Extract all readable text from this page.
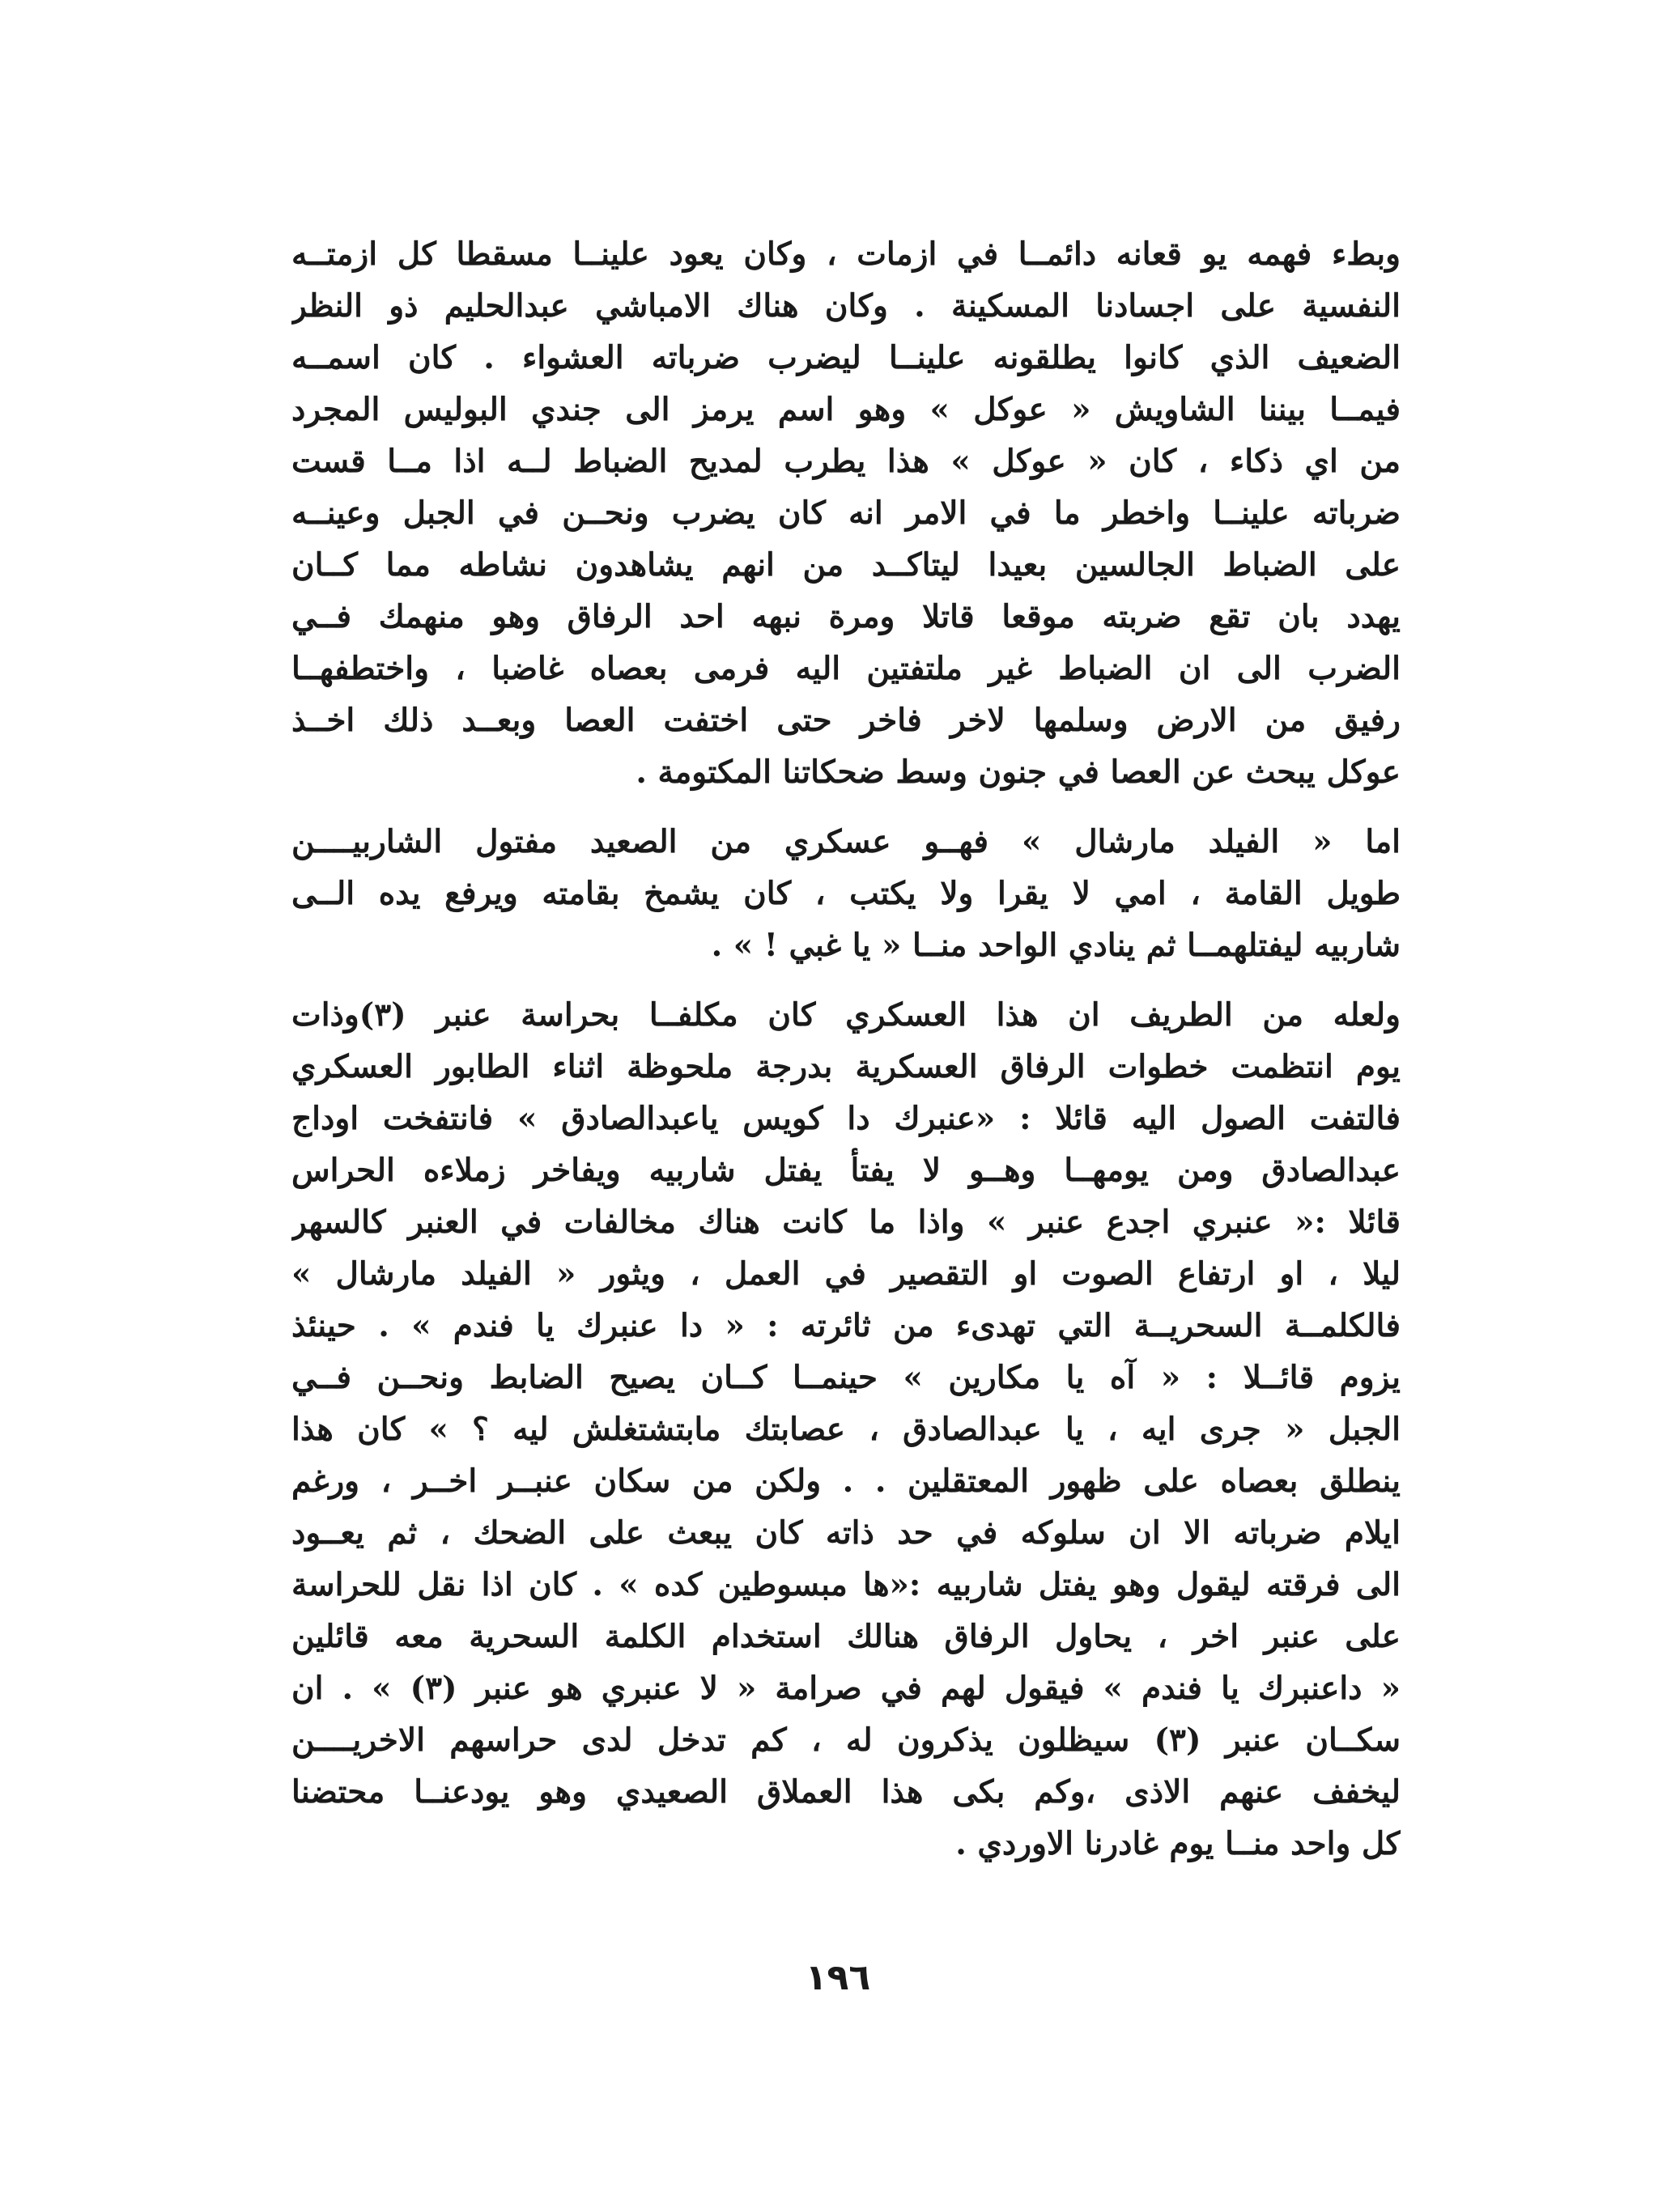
وبطء فهمه يو قعانه دائمــا في ازمات ، وكان يعود علينــا مسقطا كل ازمتــه
النفسية على اجسادنا المسكينة . وكان هناك الامباشي عبدالحليم ذو النظر
الضعيف الذي كانوا يطلقونه علينــا ليضرب ضرباته العشواء . كان اسمــه
فيمــا بيننا الشاويش « عوكل » وهو اسم يرمز الى جندي البوليس المجرد
من اي ذكاء ، كان « عوكل » هذا يطرب لمديح الضباط لــه اذا مــا قست
ضرباته علينــا واخطر ما في الامر انه كان يضرب ونحــن في الجبل وعينــه
على الضباط الجالسين بعيدا ليتاكــد من انهم يشاهدون نشاطه مما كــان
يهدد بان تقع ضربته موقعا قاتلا ومرة نبهه احد الرفاق وهو منهمك فــي
الضرب الى ان الضباط غير ملتفتين اليه فرمى بعصاه غاضبا ، واختطفهــا
رفيق من الارض وسلمها لاخر فاخر حتى اختفت العصا وبعــد ذلك اخــذ
عوكل يبحث عن العصا في جنون وسط ضحكاتنا المكتومة .
اما « الفيلد مارشال » فهــو عسكري من الصعيد مفتول الشاربيــــن
طويل القامة ، امي لا يقرا ولا يكتب ، كان يشمخ بقامته ويرفع يده الــى
شاربيه ليفتلهمــا ثم ينادي الواحد منــا « يا غبي ! » .
ولعله من الطريف ان هذا العسكري كان مكلفــا بحراسة عنبر (٣)وذات
يوم انتظمت خطوات الرفاق العسكرية بدرجة ملحوظة اثناء الطابور العسكري
فالتفت الصول اليه قائلا : «عنبرك دا كويس ياعبدالصادق » فانتفخت اوداج
عبدالصادق ومن يومهــا وهــو لا يفتأ يفتل شاربيه ويفاخر زملاءه الحراس
قائلا :« عنبري اجدع عنبر » واذا ما كانت هناك مخالفات في العنبر كالسهر
ليلا ، او ارتفاع الصوت او التقصير في العمل ، ويثور « الفيلد مارشال »
فالكلمــة السحريــة التي تهدىء من ثائرته : « دا عنبرك يا فندم » . حينئذ
يزوم قائــلا : « آه يا مكارين » حينمــا كــان يصيح الضابط ونحــن فــي
الجبل « جرى ايه ، يا عبدالصادق ، عصابتك مابتشتغلش ليه ؟ » كان هذا
ينطلق بعصاه على ظهور المعتقلين . . ولكن من سكان عنبــر اخــر ، ورغم
ايلام ضرباته الا ان سلوكه في حد ذاته كان يبعث على الضحك ، ثم يعــود
الى فرقته ليقول وهو يفتل شاربيه :«ها مبسوطين كده » . كان اذا نقل للحراسة
على عنبر اخر ، يحاول الرفاق هنالك استخدام الكلمة السحرية معه قائلين
« داعنبرك يا فندم » فيقول لهم في صرامة « لا عنبري هو عنبر (٣) » . ان
سكــان عنبر (٣) سيظلون يذكرون له ، كم تدخل لدى حراسهم الاخريــــن
ليخفف عنهم الاذى ،وكم بكى هذا العملاق الصعيدي وهو يودعنــا محتضنا
كل واحد منــا يوم غادرنا الاوردي .
١٩٦
